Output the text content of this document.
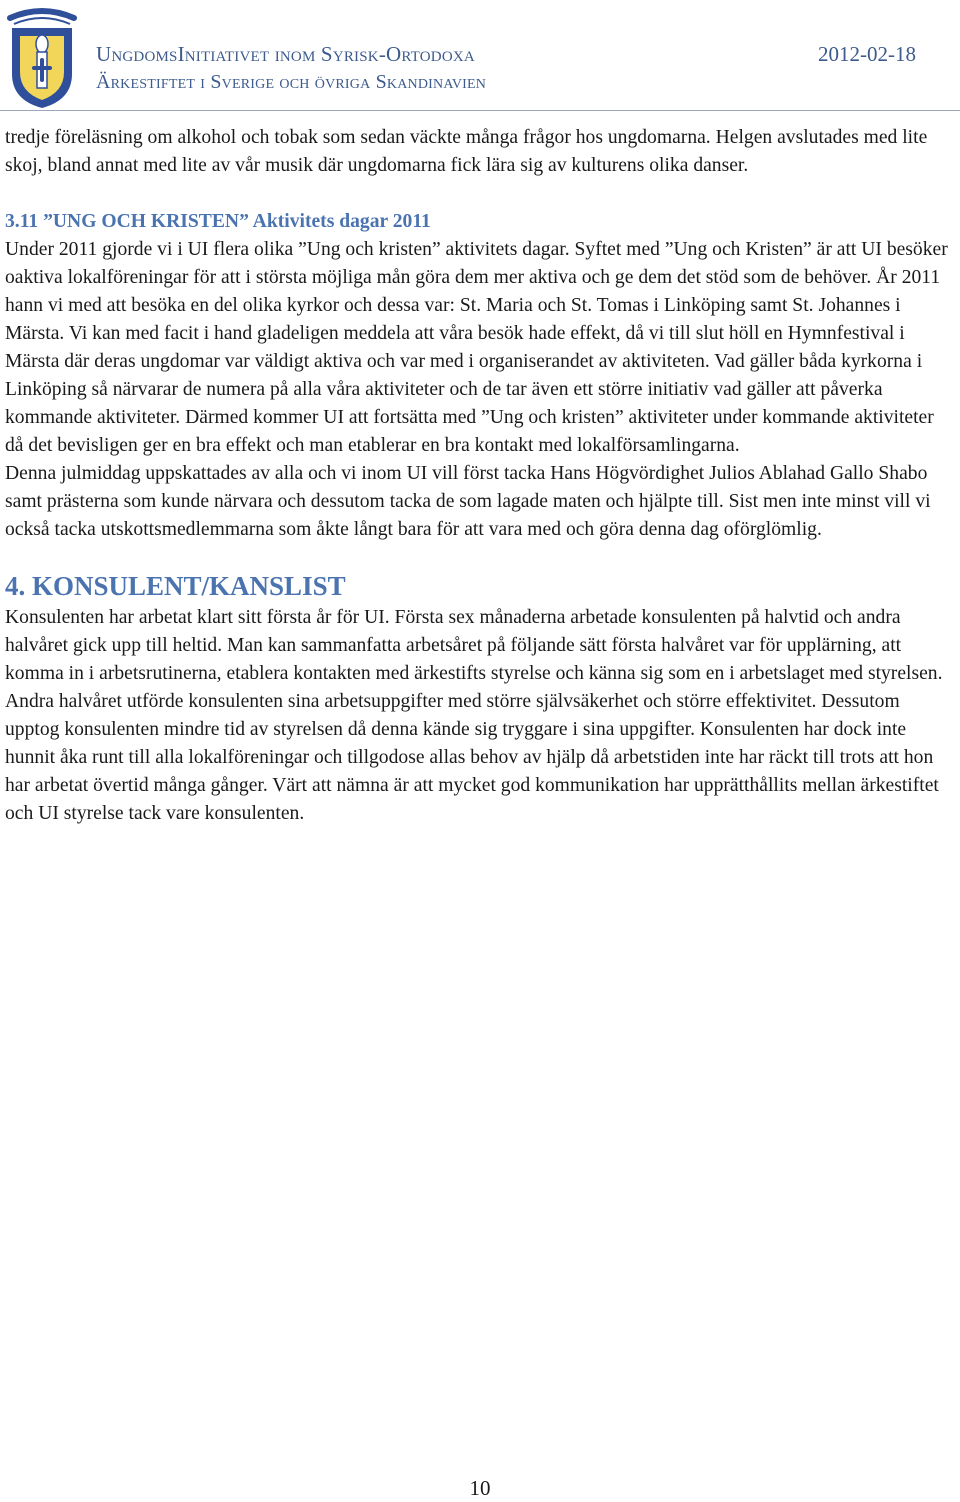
UngdomsInitiativet inom Syrisk-Ortodoxa
Ärkestiftet i Sverige och övriga Skandinavien
2012-02-18

tredje föreläsning om alkohol och tobak som sedan väckte många frågor hos ungdomarna. Helgen avslutades med lite skoj, bland annat med lite av vår musik där ungdomarna fick lära sig av kulturens olika danser.

3.11 ”UNG OCH KRISTEN” Aktivitets dagar 2011

Under 2011 gjorde vi i UI flera olika ”Ung och kristen” aktivitets dagar. Syftet med ”Ung och Kristen” är att UI besöker oaktiva lokalföreningar för att i största möjliga mån göra dem mer aktiva och ge dem det stöd som de behöver. År 2011 hann vi med att besöka en del olika kyrkor och dessa var: St. Maria och St. Tomas i Linköping samt St. Johannes i Märsta. Vi kan med facit i hand gladeligen meddela att våra besök hade effekt, då vi till slut höll en Hymnfestival i Märsta där deras ungdomar var väldigt aktiva och var med i organiserandet av aktiviteten. Vad gäller båda kyrkorna i Linköping så närvarar de numera på alla våra aktiviteter och de tar även ett större initiativ vad gäller att påverka kommande aktiviteter. Därmed kommer UI att fortsätta med ”Ung och kristen” aktiviteter under kommande aktiviteter då det bevisligen ger en bra effekt och man etablerar en bra kontakt med lokalförsamlingarna.

Denna julmiddag uppskattades av alla och vi inom UI vill först tacka Hans Högvördighet Julios Ablahad Gallo Shabo samt prästerna som kunde närvara och dessutom tacka de som lagade maten och hjälpte till. Sist men inte minst vill vi också tacka utskottsmedlemmarna som åkte långt bara för att vara med och göra denna dag oförglömlig.

4. KONSULENT/KANSLIST

Konsulenten har arbetat klart sitt första år för UI. Första sex månaderna arbetade konsulenten på halvtid och andra halvåret gick upp till heltid. Man kan sammanfatta arbetsåret på följande sätt första halvåret var för upplärning, att komma in i arbetsrutinerna, etablera kontakten med ärkestifts styrelse och känna sig som en i arbetslaget med styrelsen. Andra halvåret utförde konsulenten sina arbetsuppgifter med större självsäkerhet och större effektivitet. Dessutom upptog konsulenten mindre tid av styrelsen då denna kände sig tryggare i sina uppgifter. Konsulenten har dock inte hunnit åka runt till alla lokalföreningar och tillgodose allas behov av hjälp då arbetstiden inte har räckt till trots att hon har arbetat övertid många gånger. Värt att nämna är att mycket god kommunikation har upprätthållits mellan ärkestiftet och UI styrelse tack vare konsulenten.

10
